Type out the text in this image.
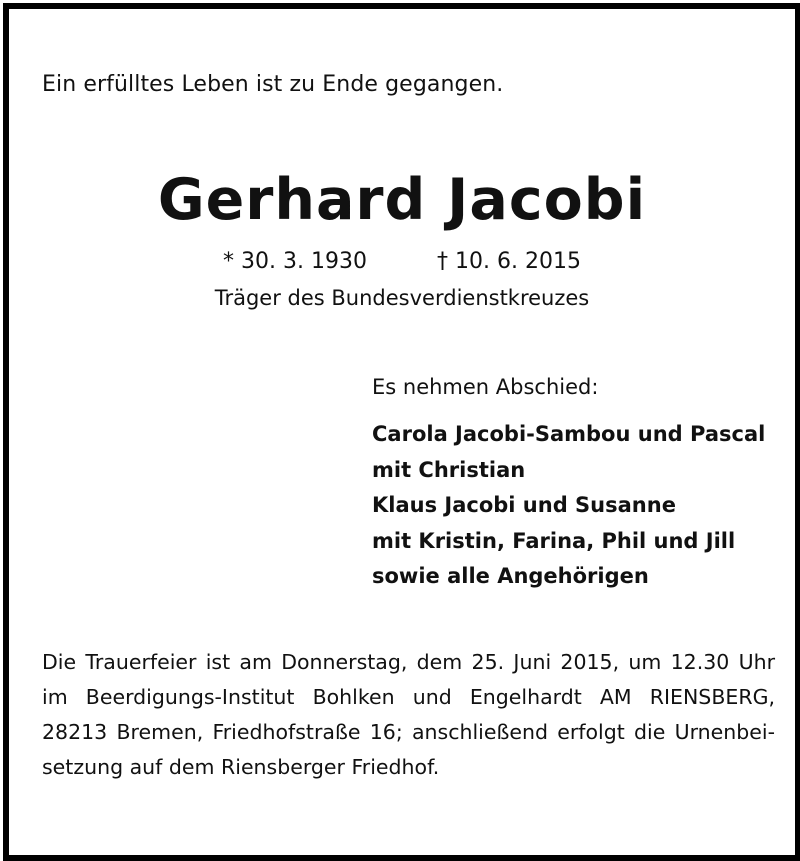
Ein erfülltes Leben ist zu Ende gegangen.
Gerhard Jacobi
* 30. 3. 1930	† 10. 6. 2015
Träger des Bundesverdienstkreuzes
Es nehmen Abschied:
Carola Jacobi-Sambou und Pascal
mit Christian
Klaus Jacobi und Susanne
mit Kristin, Farina, Phil und Jill
sowie alle Angehörigen
Die Trauerfeier ist am Donnerstag, dem 25. Juni 2015, um 12.30 Uhr
im Beerdigungs-Institut Bohlken und Engelhardt AM RIENSBERG,
28213 Bremen, Friedhofstraße 16; anschließend erfolgt die Urnenbei-
setzung auf dem Riensberger Friedhof.
